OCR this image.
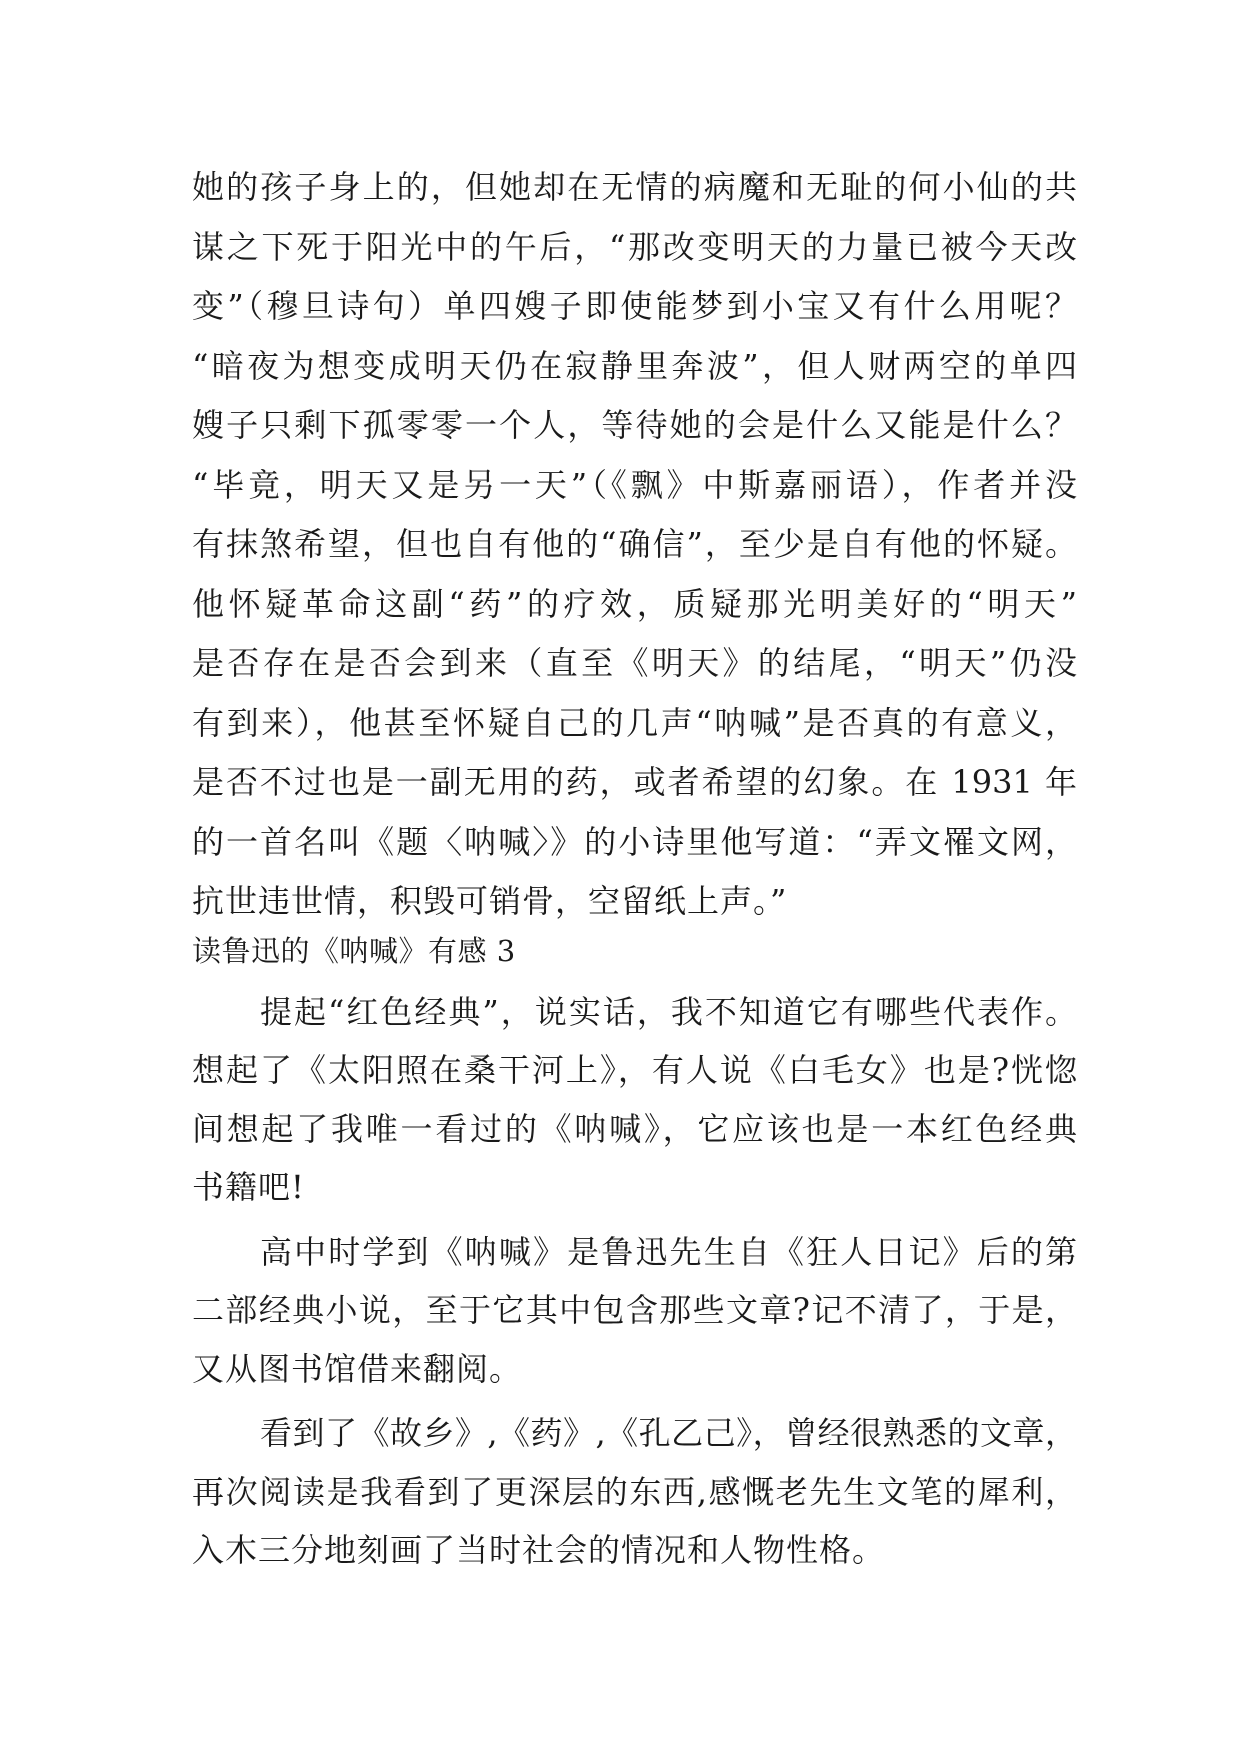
她的孩子身上的，但她却在无情的病魔和无耻的何小仙的共
谋之下死于阳光中的午后，“那改变明天的力量已被今天改
变”（穆旦诗句）单四嫂子即使能梦到小宝又有什么用呢？
“暗夜为想变成明天仍在寂静里奔波”，但人财两空的单四
嫂子只剩下孤零零一个人，等待她的会是什么又能是什么？
“毕竟，明天又是另一天”（《飘》中斯嘉丽语），作者并没
有抹煞希望，但也自有他的“确信”，至少是自有他的怀疑。
他怀疑革命这副“药”的疗效，质疑那光明美好的“明天”
是否存在是否会到来（直至《明天》的结尾，“明天”仍没
有到来），他甚至怀疑自己的几声“呐喊”是否真的有意义，
是否不过也是一副无用的药，或者希望的幻象。在 1931 年
的一首名叫《题〈呐喊〉》的小诗里他写道：“弄文罹文网，
抗世违世情，积毁可销骨，空留纸上声。”
读鲁迅的《呐喊》有感 3
提起“红色经典”，说实话，我不知道它有哪些代表作。
想起了《太阳照在桑干河上》，有人说《白毛女》也是?恍惚
间想起了我唯一看过的《呐喊》，它应该也是一本红色经典
书籍吧!
高中时学到《呐喊》是鲁迅先生自《狂人日记》后的第
二部经典小说，至于它其中包含那些文章?记不清了，于是，
又从图书馆借来翻阅。
看到了《故乡》,《药》,《孔乙己》，曾经很熟悉的文章，
再次阅读是我看到了更深层的东西,感慨老先生文笔的犀利，
入木三分地刻画了当时社会的情况和人物性格。
